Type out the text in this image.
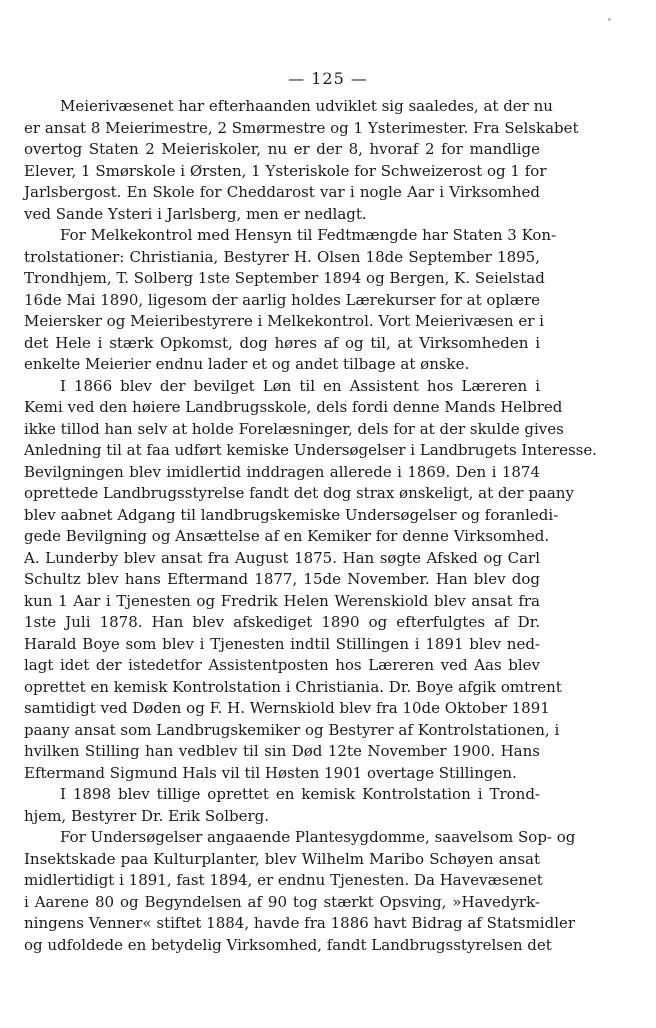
— 125 —
Meierivæsenet har efterhaanden udviklet sig saaledes, at der nu
er ansat 8 Meierimestre, 2 Smørmestre og 1 Ysterimester. Fra Selskabet
overtog Staten 2 Meieriskoler, nu er der 8, hvoraf 2 for mandlige
Elever, 1 Smørskole i Ørsten, 1 Ysteriskole for Schweizerost og 1 for
Jarlsbergost. En Skole for Cheddarost var i nogle Aar i Virksomhed
ved Sande Ysteri i Jarlsberg, men er nedlagt.
For Melkekontrol med Hensyn til Fedtmængde har Staten 3 Kon-
trolstationer: Christiania, Bestyrer H. Olsen 18de September 1895,
Trondhjem, T. Solberg 1ste September 1894 og Bergen, K. Seielstad
16de Mai 1890, ligesom der aarlig holdes Lærekurser for at oplære
Meiersker og Meieribestyrere i Melkekontrol. Vort Meierivæsen er i
det Hele i stærk Opkomst, dog høres af og til, at Virksomheden i
enkelte Meierier endnu lader et og andet tilbage at ønske.
I 1866 blev der bevilget Løn til en Assistent hos Læreren i
Kemi ved den høiere Landbrugsskole, dels fordi denne Mands Helbred
ikke tillod han selv at holde Forelæsninger, dels for at der skulde gives
Anledning til at faa udført kemiske Undersøgelser i Landbrugets Interesse.
Bevilgningen blev imidlertid inddragen allerede i 1869. Den i 1874
oprettede Landbrugsstyrelse fandt det dog strax ønskeligt, at der paany
blev aabnet Adgang til landbrugskemiske Undersøgelser og foranledi-
gede Bevilgning og Ansættelse af en Kemiker for denne Virksomhed.
A. Lunderby blev ansat fra August 1875. Han søgte Afsked og Carl
Schultz blev hans Eftermand 1877, 15de November. Han blev dog
kun 1 Aar i Tjenesten og Fredrik Helen Werenskiold blev ansat fra
1ste Juli 1878. Han blev afskediget 1890 og efterfulgtes af Dr.
Harald Boye som blev i Tjenesten indtil Stillingen i 1891 blev ned-
lagt idet der istedetfor Assistentposten hos Læreren ved Aas blev
oprettet en kemisk Kontrolstation i Christiania. Dr. Boye afgik omtrent
samtidigt ved Døden og F. H. Wernskiold blev fra 10de Oktober 1891
paany ansat som Landbrugskemiker og Bestyrer af Kontrolstationen, i
hvilken Stilling han vedblev til sin Død 12te November 1900. Hans
Eftermand Sigmund Hals vil til Høsten 1901 overtage Stillingen.
I 1898 blev tillige oprettet en kemisk Kontrolstation i Trond-
hjem, Bestyrer Dr. Erik Solberg.
For Undersøgelser angaaende Plantesygdomme, saavelsom Sop- og
Insektskade paa Kulturplanter, blev Wilhelm Maribo Schøyen ansat
midlertidigt i 1891, fast 1894, er endnu Tjenesten. Da Havevæsenet
i Aarene 80 og Begyndelsen af 90 tog stærkt Opsving, »Havedyrk-
ningens Venner« stiftet 1884, havde fra 1886 havt Bidrag af Statsmidler
og udfoldede en betydelig Virksomhed, fandt Landbrugsstyrelsen det
